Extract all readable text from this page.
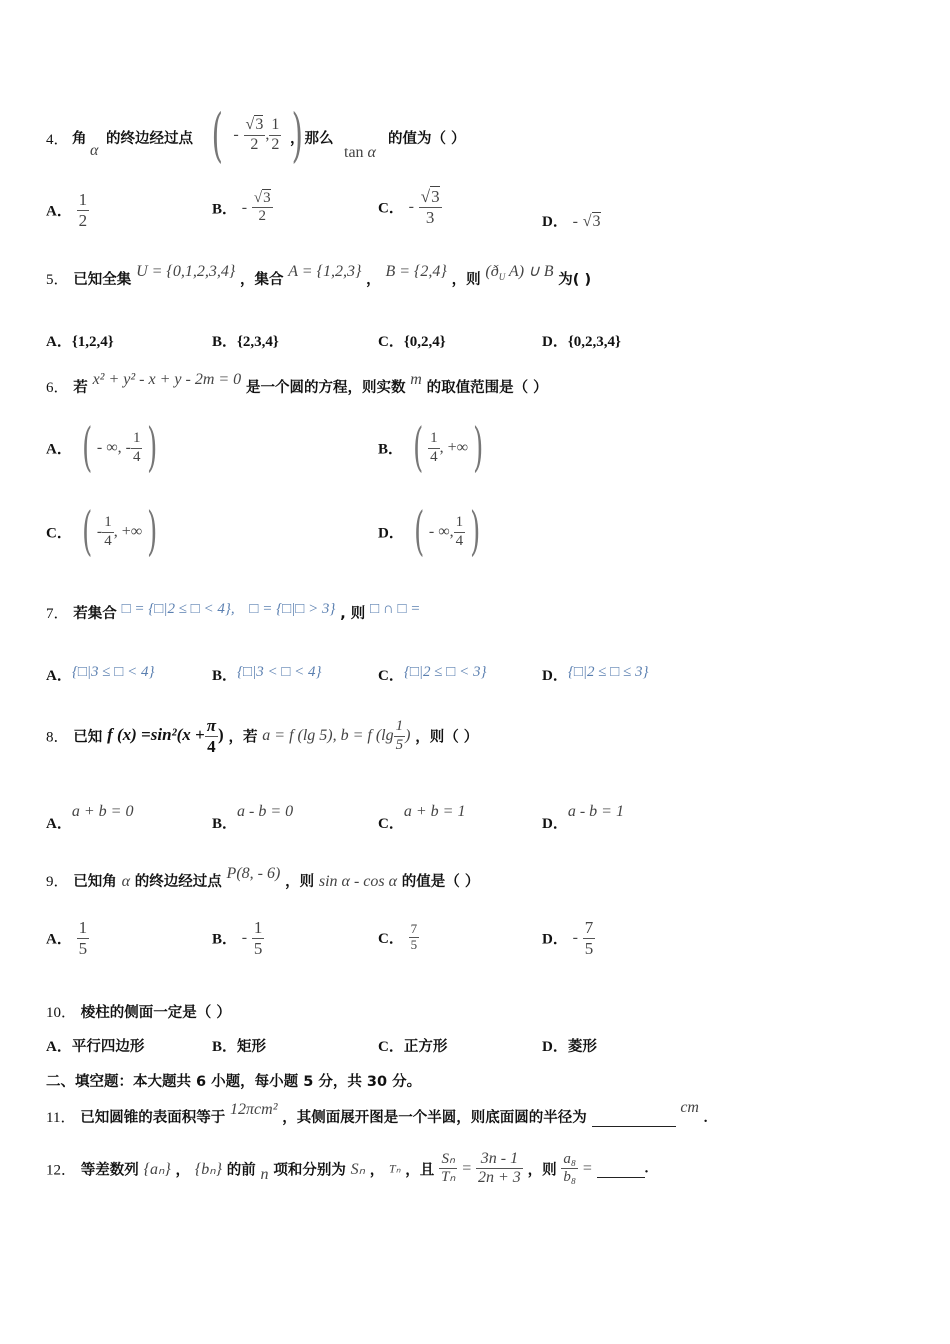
4． 角
α
的终边经过点 ( - $\frac{√3}{2}$ , $\frac{1}{2}$ )
，那么
tan α
的值为（ ）
A． $\frac{1}{2}$	B． - $\frac{√3}{2}$	C． - $\frac{√3}{3}$	D． - √3
5． 已知全集 U = {0,1,2,3,4} ，集合 A = {1,2,3} ， B = {2,4} ，则 ($ð_U$ A) ∪ B 为( )
A．{1,2,4}	B．{2,3,4}	C．{0,2,4}	D．{0,2,3,4}
6． 若 x² + y² - x + y - 2m = 0 是一个圆的方程，则实数 m 的取值范围是（ ）
A． ( - ∞, - $\frac{1}{4}$ )	B． ( $\frac{1}{4}$ , +∞)
C． ( - $\frac{1}{4}$ , +∞)	D． ( - ∞, $\frac{1}{4}$ )
7． 若集合 □ = {□|2 ≤ □ < 4}, □ = {□|□ > 3} , 则 □ ∩ □ =
A．{□|3 ≤ □ < 4}	B．{□|3 < □ < 4}	C．{□|2 ≤ □ < 3}	D．{□|2 ≤ □ ≤ 3}
8． 已知 f $(x) =\sin^2(x + \frac{\pi}{4}$ ) ，若 a = f (lg 5), b = f ($\lg \frac{1}{5}$ ) ，则（ ）
A．a + b = 0
B．a - b = 0
C．a + b = 1
D．a - b = 1
9． 已知角 α 的终边经过点 P(8, - 6) ，则 sin α - cos α 的值是（ ）
A． $\frac{1}{5}$	B． - $\frac{1}{5}$	C． $\frac{7}{5}$	D． - $\frac{7}{5}$
10． 棱柱的侧面一定是（ ）
A．平行四边形	B．矩形	C．正方形	D．菱形
二、填空题：本大题共 6 小题，每小题 5 分，共 30 分。
11． 已知圆锥的表面积等于 12πcm² ，其侧面展开图是一个半圆，则底面圆的半径为   cm .
12． 等差数列 {aₙ} ， {bₙ} 的前 n 项和分别为 Sₙ ， Tₙ ，且 $\frac{\text{Sₙ}}{\text{Tₙ}} = \frac{3n - 1}{2n + 3}$ ，则 $\frac{\text{a₈}}{\text{b₈}}$ =	.
